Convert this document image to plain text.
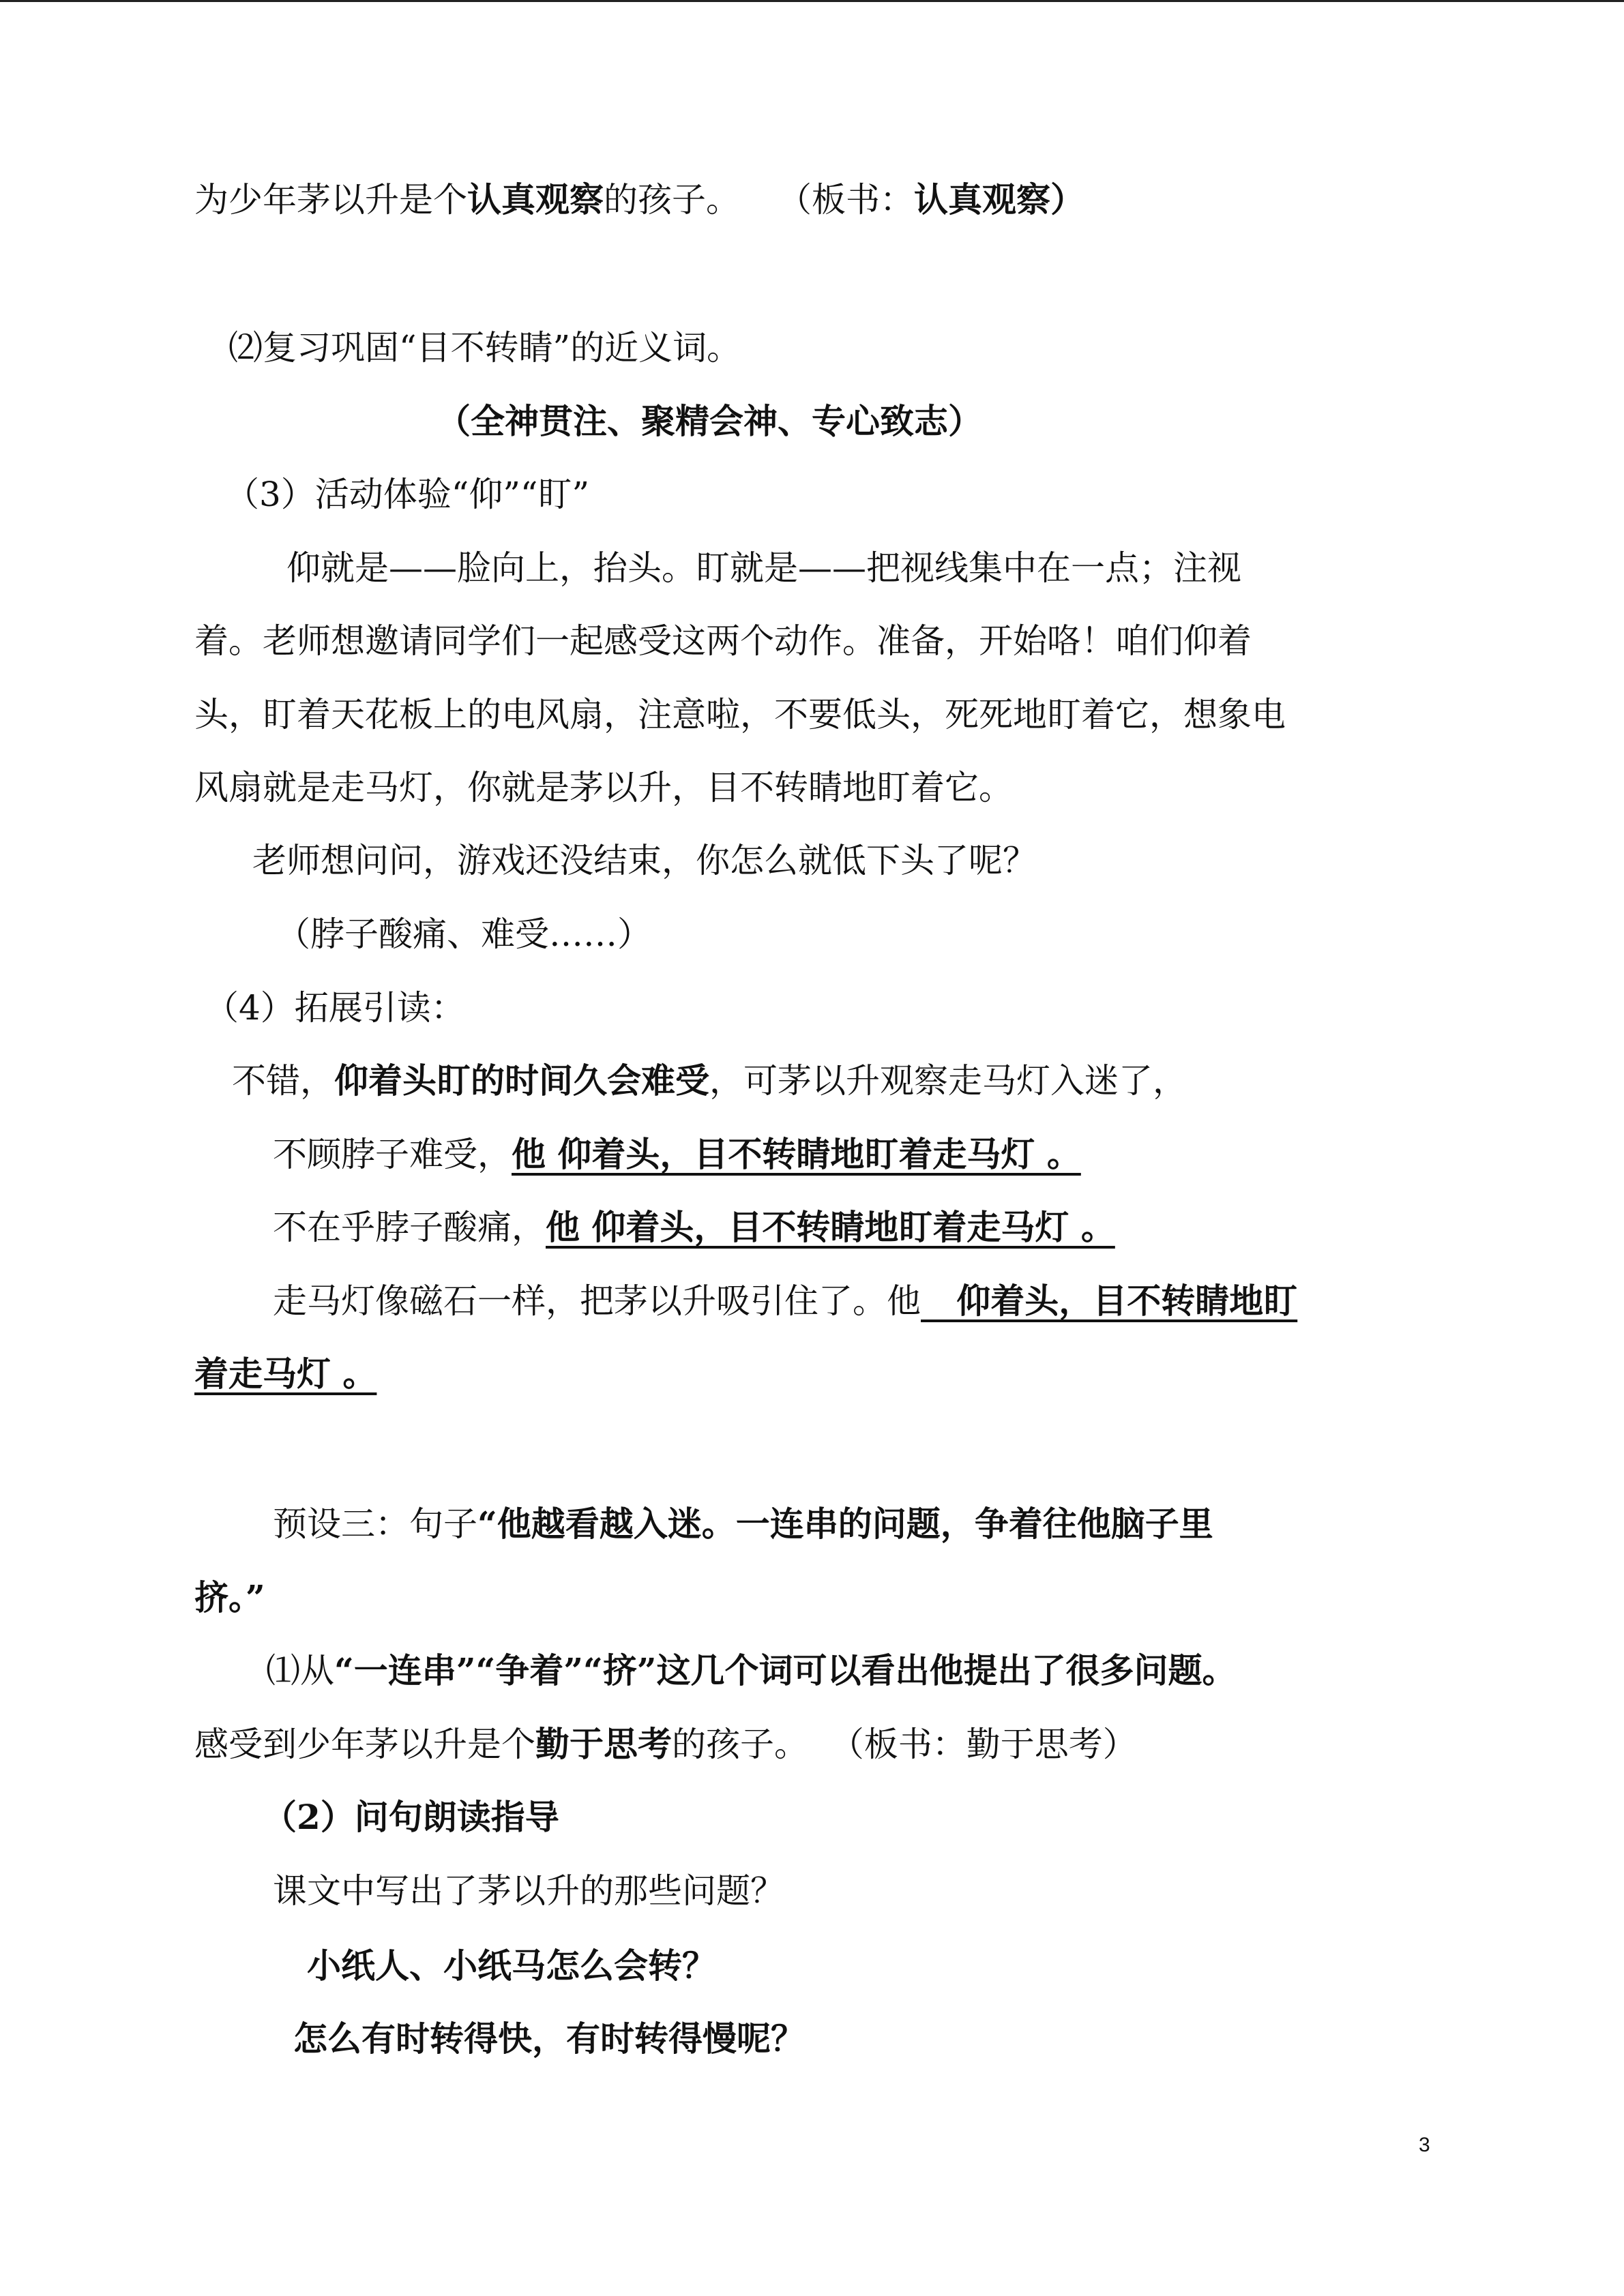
为少年茅以升是个认真观察的孩子。 （板书：认真观察）

⑵复习巩固“目不转睛”的近义词。

（全神贯注、聚精会神、专心致志）

（3）活动体验“仰”“盯”

仰就是——脸向上，抬头。盯就是——把视线集中在一点；注视

着。老师想邀请同学们一起感受这两个动作。准备，开始咯！咱们仰着

头，盯着天花板上的电风扇，注意啦，不要低头，死死地盯着它，想象电

风扇就是走马灯，你就是茅以升，目不转睛地盯着它。

老师想问问，游戏还没结束，你怎么就低下头了呢？

（脖子酸痛、难受……）

（4）拓展引读：

不错，仰着头盯的时间久会难受，可茅以升观察走马灯入迷了，

不顾脖子难受，他 仰着头，目不转睛地盯着走马灯 。

不在乎脖子酸痛，他 仰着头，目不转睛地盯着走马灯 。

走马灯像磁石一样，把茅以升吸引住了。他   仰着头，目不转睛地盯

着走马灯 。

预设三：句子“他越看越入迷。一连串的问题，争着往他脑子里

挤。”

⑴从“一连串”“争着”“挤”这几个词可以看出他提出了很多问题。

感受到少年茅以升是个勤于思考的孩子。  （板书：勤于思考）

（2）问句朗读指导

课文中写出了茅以升的那些问题？

小纸人、小纸马怎么会转？

怎么有时转得快，有时转得慢呢？

3
